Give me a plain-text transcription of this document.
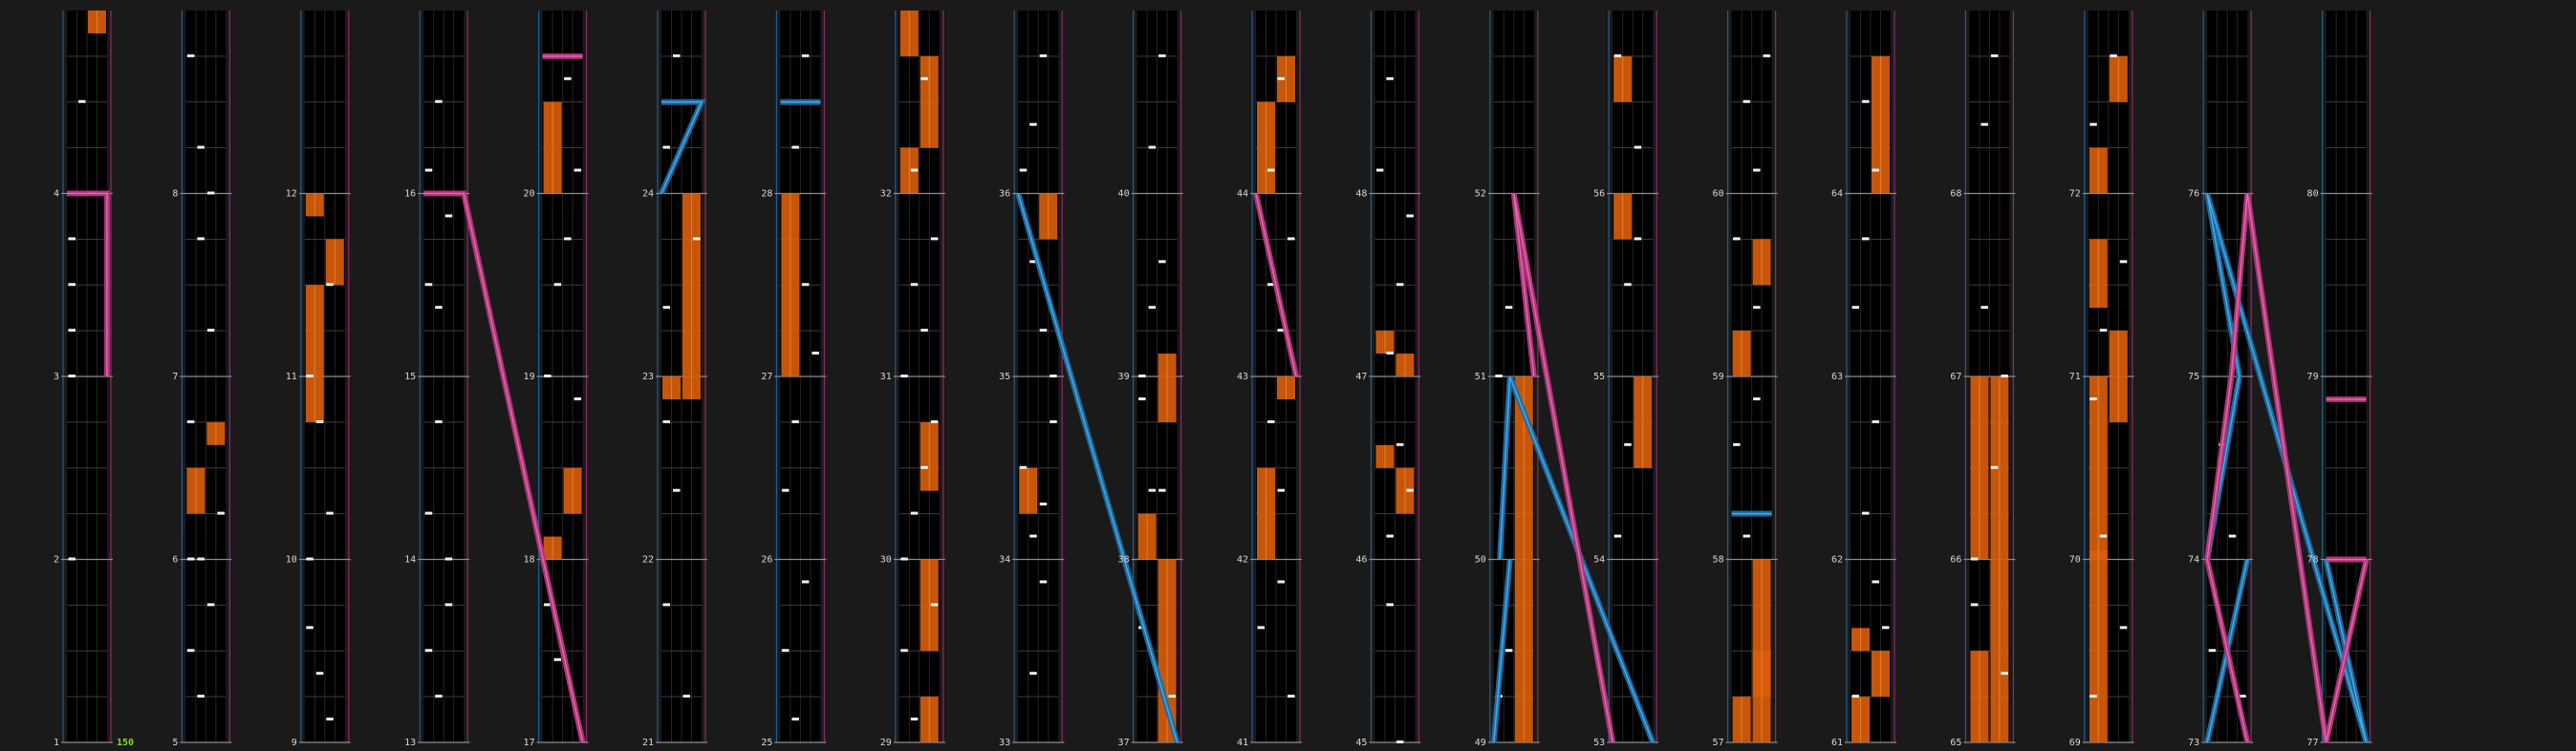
1
2
3
4
5
6
7
8
9
10
11
12
13
14
15
16
17
18
19
20
21
22
23
24
25
26
27
28
29
30
31
32
33
34
35
36
37
38
39
40
41
42
43
44
45
46
47
48
49
50
51
52
53
54
55
56
57
58
59
60
61
62
63
64
65
66
67
68
69
70
71
72
73
74
75
76
77
78
79
80
150
